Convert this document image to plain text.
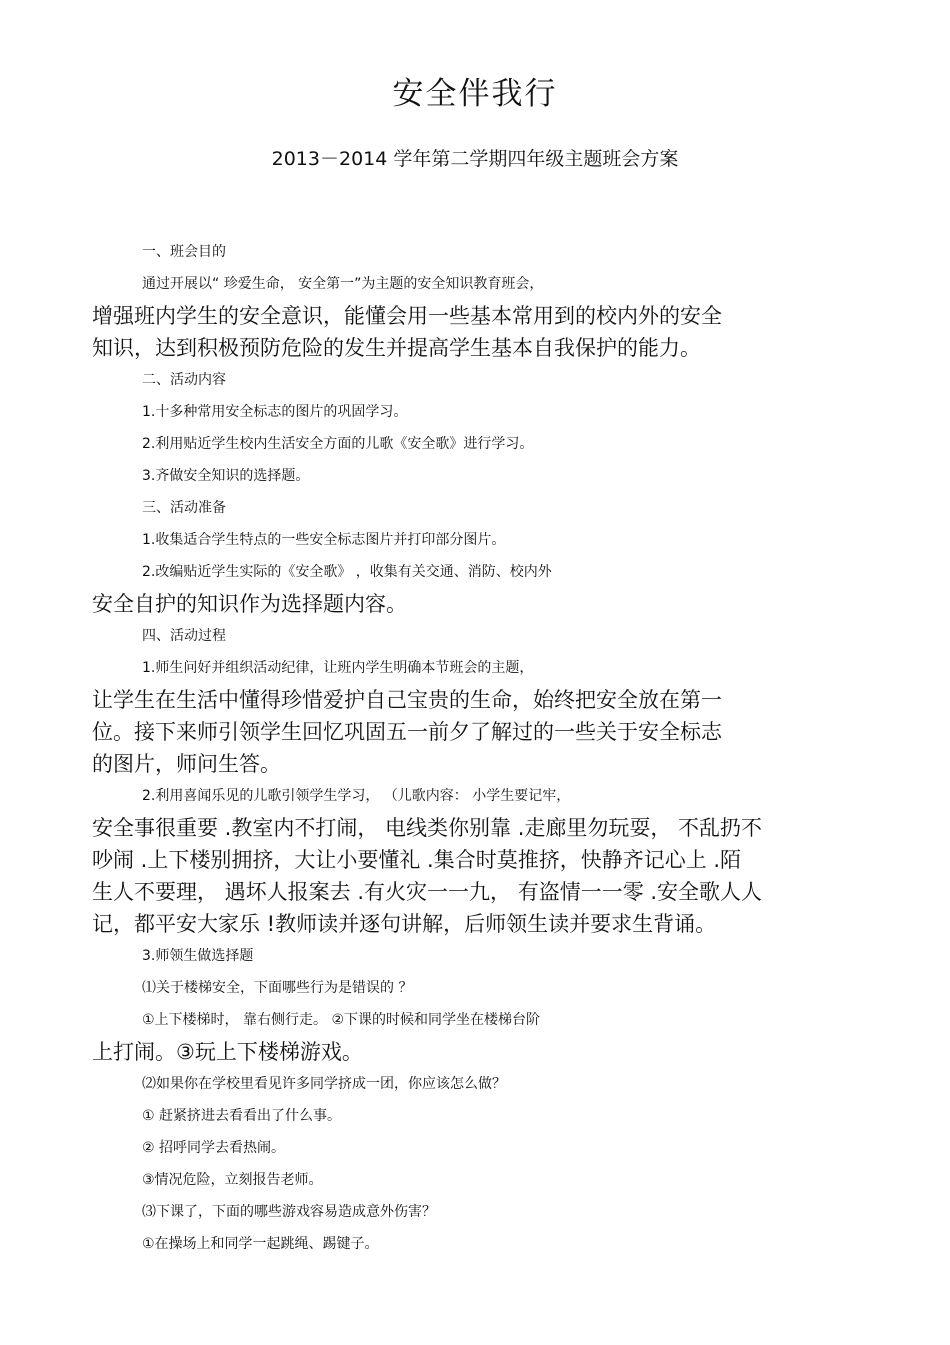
安全伴我行
2013－2014 学年第二学期四年级主题班会方案
一、班会目的
通过开展以“ 珍爱生命， 安全第一”为主题的安全知识教育班会，
增强班内学生的安全意识，能懂会用一些基本常用到的校内外的安全
知识，达到积极预防危险的发生并提高学生基本自我保护的能力。
二、活动内容
1.十多种常用安全标志的图片的巩固学习。
2.利用贴近学生校内生活安全方面的儿歌《安全歌》进行学习。
3.齐做安全知识的选择题。
三、活动准备
1.收集适合学生特点的一些安全标志图片并打印部分图片。
2.改编贴近学生实际的《安全歌》 ，收集有关交通、消防、校内外
安全自护的知识作为选择题内容。
四、活动过程
1.师生问好并组织活动纪律，让班内学生明确本节班会的主题，
让学生在生活中懂得珍惜爱护自己宝贵的生命，始终把安全放在第一
位。接下来师引领学生回忆巩固五一前夕了解过的一些关于安全标志
的图片，师问生答。
2.利用喜闻乐见的儿歌引领学生学习， （儿歌内容： 小学生要记牢，
安全事很重要 .教室内不打闹， 电线类你别靠 .走廊里勿玩耍， 不乱扔不
吵闹 .上下楼别拥挤，大让小要懂礼 .集合时莫推挤，快静齐记心上 .陌
生人不要理， 遇坏人报案去 .有火灾一一九， 有盗情一一零 .安全歌人人
记，都平安大家乐 !教师读并逐句讲解，后师领生读并要求生背诵。
3.师领生做选择题
⑴关于楼梯安全，下面哪些行为是错误的 ？
①上下楼梯时， 靠右侧行走。 ②下课的时候和同学坐在楼梯台阶
上打闹。③玩上下楼梯游戏。
⑵如果你在学校里看见许多同学挤成一团，你应该怎么做？
① 赶紧挤进去看看出了什么事。
② 招呼同学去看热闹。
③情况危险，立刻报告老师。
⑶下课了，下面的哪些游戏容易造成意外伤害？
①在操场上和同学一起跳绳、踢键子。
